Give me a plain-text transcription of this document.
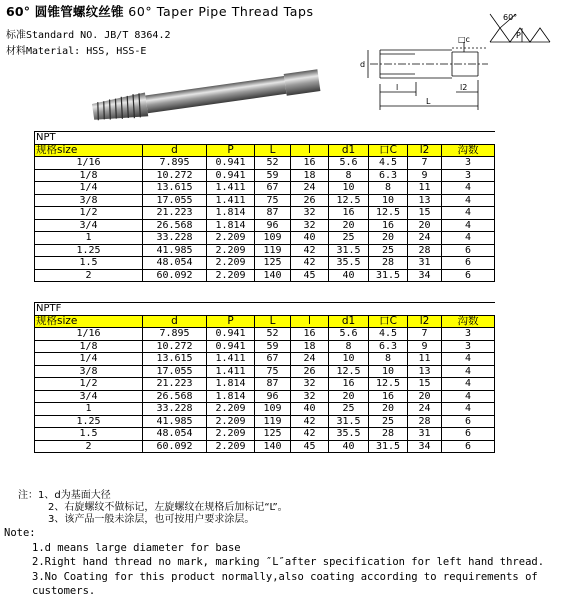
60° 圆锥管螺纹丝锥 60° Taper Pipe Thread Taps
标准Standard NO. JB/T 8364.2
材料Material: HSS, HSS-E
d
□c
l	l2
L
60°
P
NPT								
规格size	d	P	L	l	d1	口C	l2	沟数
1/16	7.895	0.941	52	16	5.6	4.5	7	3
1/8	10.272	0.941	59	18	8	6.3	9	3
1/4	13.615	1.411	67	24	10	8	11	4
3/8	17.055	1.411	75	26	12.5	10	13	4
1/2	21.223	1.814	87	32	16	12.5	15	4
3/4	26.568	1.814	96	32	20	16	20	4
1	33.228	2.209	109	40	25	20	24	4
1.25	41.985	2.209	119	42	31.5	25	28	6
1.5	48.054	2.209	125	42	35.5	28	31	6
2	60.092	2.209	140	45	40	31.5	34	6
NPTF								
规格size	d	P	L	l	d1	口C	l2	沟数
1/16	7.895	0.941	52	16	5.6	4.5	7	3
1/8	10.272	0.941	59	18	8	6.3	9	3
1/4	13.615	1.411	67	24	10	8	11	4
3/8	17.055	1.411	75	26	12.5	10	13	4
1/2	21.223	1.814	87	32	16	12.5	15	4
3/4	26.568	1.814	96	32	20	16	20	4
1	33.228	2.209	109	40	25	20	24	4
1.25	41.985	2.209	119	42	31.5	25	28	6
1.5	48.054	2.209	125	42	35.5	28	31	6
2	60.092	2.209	140	45	40	31.5	34	6
注：1、d为基面大径
2、右旋螺纹不做标记，左旋螺纹在规格后加标记“L”。
3、该产品一般未涂层，也可按用户要求涂层。
Note:
1.d means large diameter for base
2.Right hand thread no mark, marking ″L″after specification for left hand thread.
3.No Coating for this product normally,also coating according to requirements of
customers.
